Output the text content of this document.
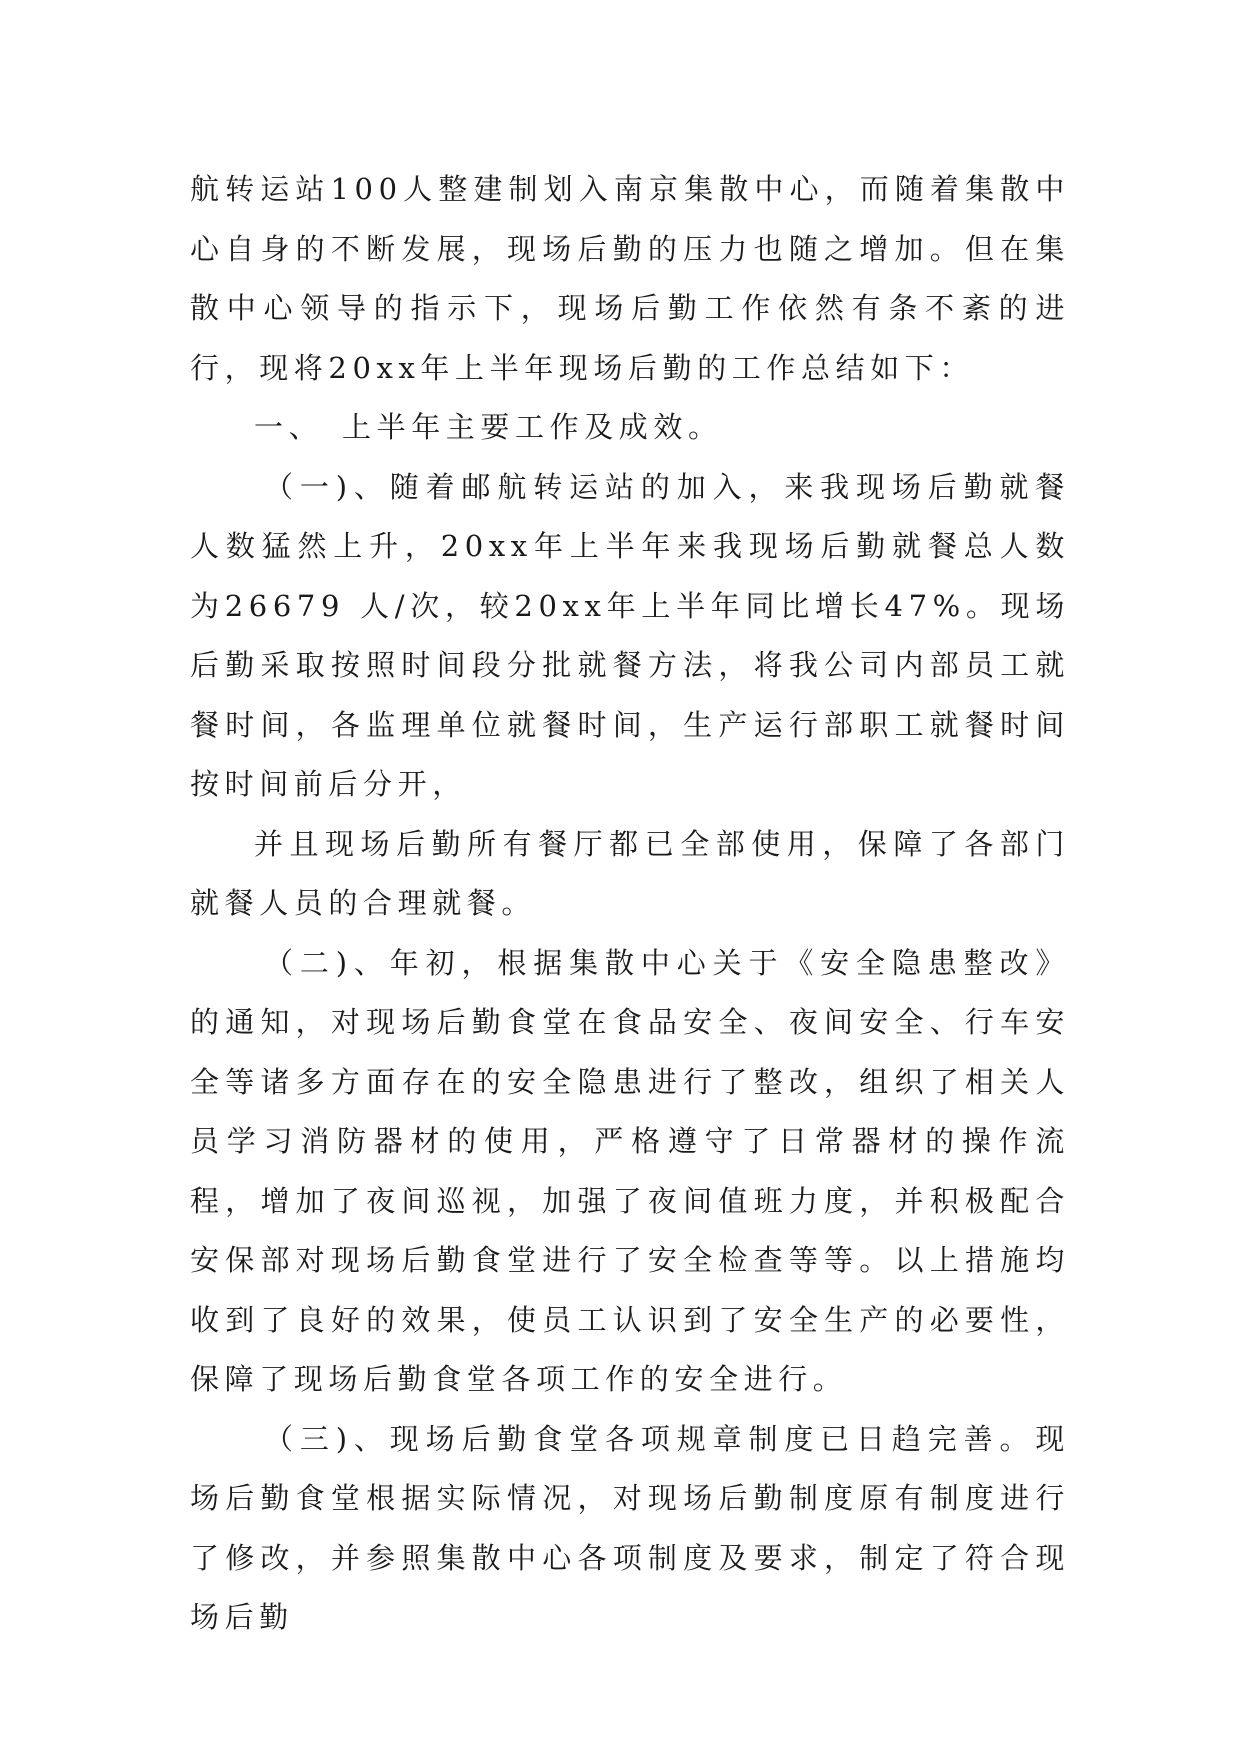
航转运站100人整建制划入南京集散中心，而随着集散中心自身的不断发展，现场后勤的压力也随之增加。但在集散中心领导的指示下，现场后勤工作依然有条不紊的进行，现将20xx年上半年现场后勤的工作总结如下：

一、 上半年主要工作及成效。

（一)、随着邮航转运站的加入，来我现场后勤就餐人数猛然上升，20xx年上半年来我现场后勤就餐总人数为26679 人/次，较20xx年上半年同比增长47%。现场后勤采取按照时间段分批就餐方法，将我公司内部员工就餐时间，各监理单位就餐时间，生产运行部职工就餐时间按时间前后分开，

并且现场后勤所有餐厅都已全部使用，保障了各部门就餐人员的合理就餐。

（二)、年初，根据集散中心关于《安全隐患整改》的通知，对现场后勤食堂在食品安全、夜间安全、行车安全等诸多方面存在的安全隐患进行了整改，组织了相关人员学习消防器材的使用，严格遵守了日常器材的操作流程，增加了夜间巡视，加强了夜间值班力度，并积极配合安保部对现场后勤食堂进行了安全检查等等。以上措施均收到了良好的效果，使员工认识到了安全生产的必要性，保障了现场后勤食堂各项工作的安全进行。

（三)、现场后勤食堂各项规章制度已日趋完善。现场后勤食堂根据实际情况，对现场后勤制度原有制度进行了修改，并参照集散中心各项制度及要求，制定了符合现场后勤
